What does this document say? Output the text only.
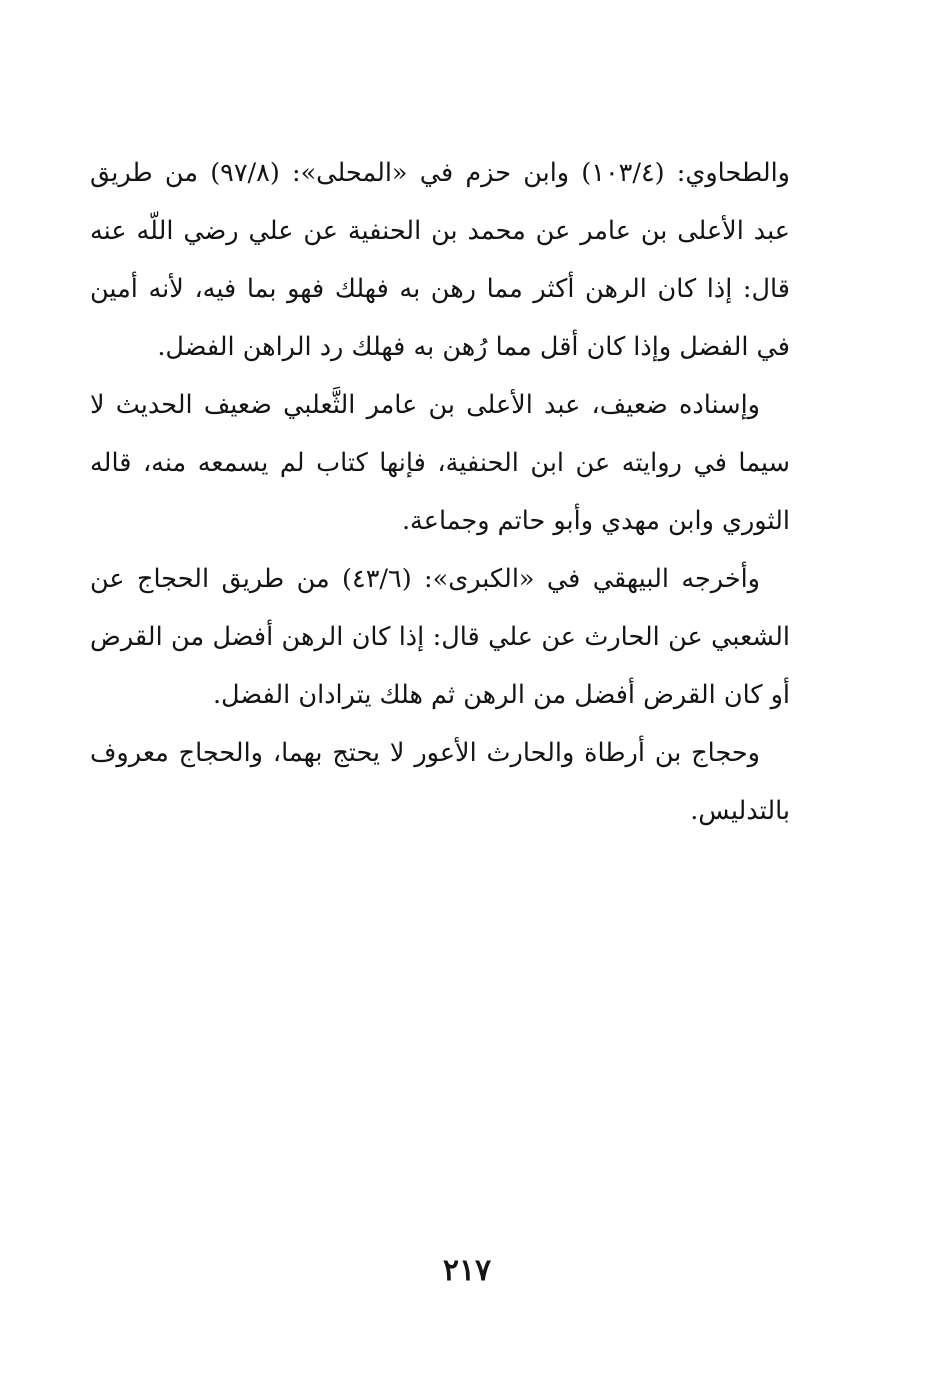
والطحاوي: (١٠٣/٤) وابن حزم في «المحلى»: (٩٧/٨) من طريق عبد الأعلى بن عامر عن محمد بن الحنفية عن علي رضي اللّه عنه قال: إذا كان الرهن أكثر مما رهن به فهلك فهو بما فيه، لأنه أمين في الفضل وإذا كان أقل مما رُهن به فهلك رد الراهن الفضل.

وإسناده ضعيف، عبد الأعلى بن عامر الثَّعلبي ضعيف الحديث لا سيما في روايته عن ابن الحنفية، فإنها كتاب لم يسمعه منه، قاله الثوري وابن مهدي وأبو حاتم وجماعة.

وأخرجه البيهقي في «الكبرى»: (٤٣/٦) من طريق الحجاج عن الشعبي عن الحارث عن علي قال: إذا كان الرهن أفضل من القرض أو كان القرض أفضل من الرهن ثم هلك يترادان الفضل.

وحجاج بن أرطاة والحارث الأعور لا يحتج بهما، والحجاج معروف بالتدليس.

٢١٧
